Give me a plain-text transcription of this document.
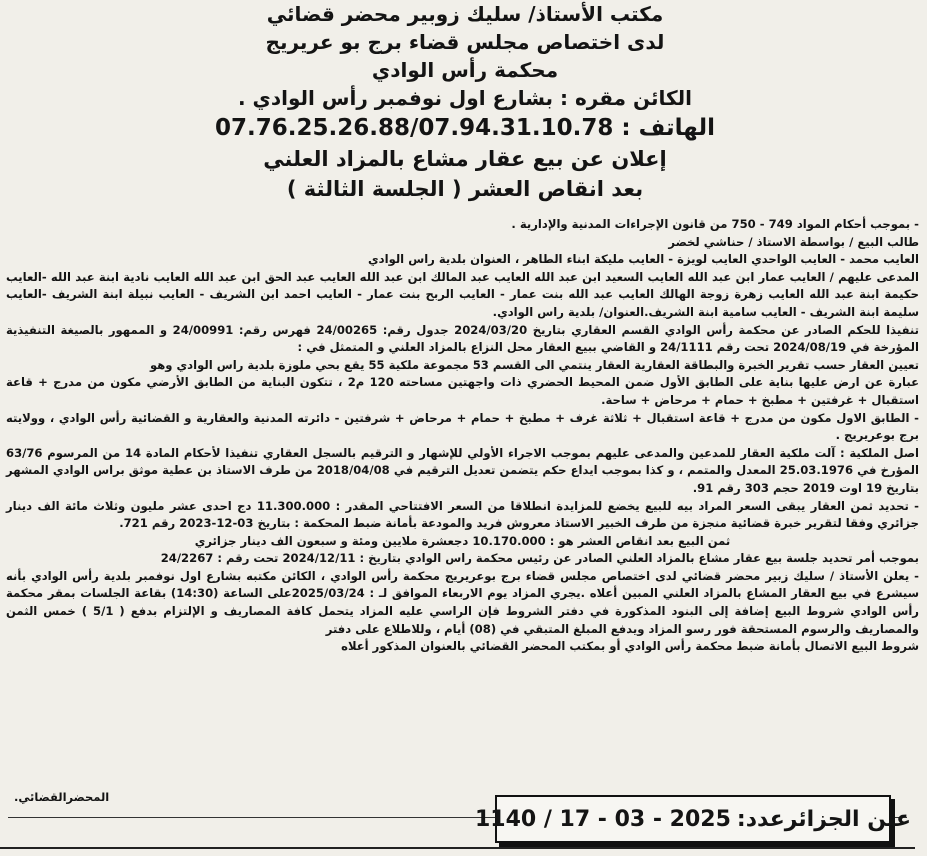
مكتب الأستاذ/ سليك زوبير محضر قضائي
لدى اختصاص مجلس قضاء برج بو عريريج
محكمة رأس الوادي
الكائن مقره : بشارع اول نوفمبر رأس الوادي .
07.76.25.26.88/07.94.31.10.78 الهاتف :
إعلان عن بيع عقار مشاع بالمزاد العلني
بعد انقاص العشر ( الجلسة الثالثة )

- بموجب أحكام المواد 749 - 750 من قانون الإجراءات المدنية والإدارية .

طالب البيع / بواسطة الاستاذ / حناشي لخضر

العايب محمد - العايب الواحدي العايب لويزة - العايب مليكة ابناء الطاهر ، العنوان بلدية راس الوادي

المدعى عليهم / العايب عمار ابن عبد الله العايب السعيد ابن عبد الله العايب عبد المالك ابن عبد الله العايب عبد الحق ابن عبد الله العايب نادية ابنة عبد الله -العايب حكيمة ابنة عبد الله العايب زهرة زوجة الهالك العايب عبد الله بنت عمار - العايب الربح بنت عمار - العايب احمد ابن الشريف - العايب نبيلة ابنة الشريف -العايب سليمة ابنة الشريف - العايب سامية ابنة الشريف.العنوان/ بلدية راس الوادي.

تنفيذا للحكم الصادر عن محكمة رأس الوادي القسم العقاري بتاريخ 2024/03/20 جدول رقم: 24/00265 فهرس رقم: 24/00991 و الممهور بالصيغة التنفيذية المؤرخة في 2024/08/19 تحت رقم 24/1111 و القاضي ببيع العقار محل النزاع بالمزاد العلني و المتمثل في :

تعيين العقار حسب تقرير الخبرة والبطاقة العقارية العقار ينتمي الى القسم 53 مجموعة ملكية 55 يقع بحي ملوزة بلدية راس الوادي وهو

عبارة عن ارض عليها بناية على الطابق الأول ضمن المحيط الحضري ذات واجهتين مساحته 120 م2 ، تتكون البناية من الطابق الأرضي مكون من مدرج + قاعة استقبال + غرفتين + مطبخ + حمام + مرحاض + ساحة.

- الطابق الاول مكون من مدرج + قاعة استقبال + ثلاثة غرف + مطبخ + حمام + مرحاض + شرفتين - دائرته المدنية والعقارية و القضائية رأس الوادي ، وولايته برج بوعريريج .

اصل الملكية : آلت ملكية العقار للمدعين والمدعى عليهم بموجب الاجراء الأولي للإشهار و الترقيم بالسجل العقاري تنفيذا لأحكام المادة 14 من المرسوم 63/76 المؤرخ في 25.03.1976 المعدل والمتمم ، و كذا بموجب ايداع حكم يتضمن تعديل الترقيم في 2018/04/08 من طرف الاستاذ بن عطية موثق براس الوادي المشهر بتاريخ 19 اوت 2019 حجم 303 رقم 91.

- تحديد ثمن العقار يبقى السعر المراد بيه للبيع يخضع للمزايدة انطلاقا من السعر الافتتاحي المقدر : 11.300.000 دج احدى عشر مليون وثلاث مائة الف دينار جزائري وفقا لتقرير خبرة قضائية منجزة من طرف الخبير الاستاذ معروش فريد والمودعة بأمانة ضبط المحكمة : بتاريخ 03-12-2023 رقم 721.

ثمن البيع بعد انقاص العشر هو : 10.170.000 دجعشرة ملايين ومئة و سبعون الف دينار جزائري

بموجب أمر تحديد جلسة بيع عقار مشاع بالمزاد العلني الصادر عن رئيس محكمة راس الوادي بتاريخ : 2024/12/11 تحت رقم : 24/2267

- يعلن الأستاذ / سليك زبير محضر قضائي لدى اختصاص مجلس قضاء برج بوعريريج محكمة رأس الوادي ، الكائن مكتبه بشارع اول نوفمبر بلدية رأس الوادي بأنه سيشرع في بيع العقار المشاع بالمزاد العلني المبين أعلاه .يجري المزاد يوم الاربعاء الموافق لـ : 2025/03/24على الساعة (14:30) بقاعة الجلسات بمقر محكمة رأس الوادي شروط البيع إضافة إلى البنود المذكورة في دفتر الشروط فإن الراسي عليه المزاد يتحمل كافة المصاريف و الإلتزام بدفع ( 5/1 ) خمس الثمن والمصاريف والرسوم المستحقة فور رسو المزاد ويدفع المبلغ المتبقي في (08) أيام ، وللاطلاع على دفتر

شروط البيع الاتصال بأمانة ضبط محكمة رأس الوادي أو بمكتب المحضر القضائي بالعنوان المذكور أعلاه

المحضرالقضائي.
عين الجزائرعدد:
1140 / 17 - 03 - 2025
